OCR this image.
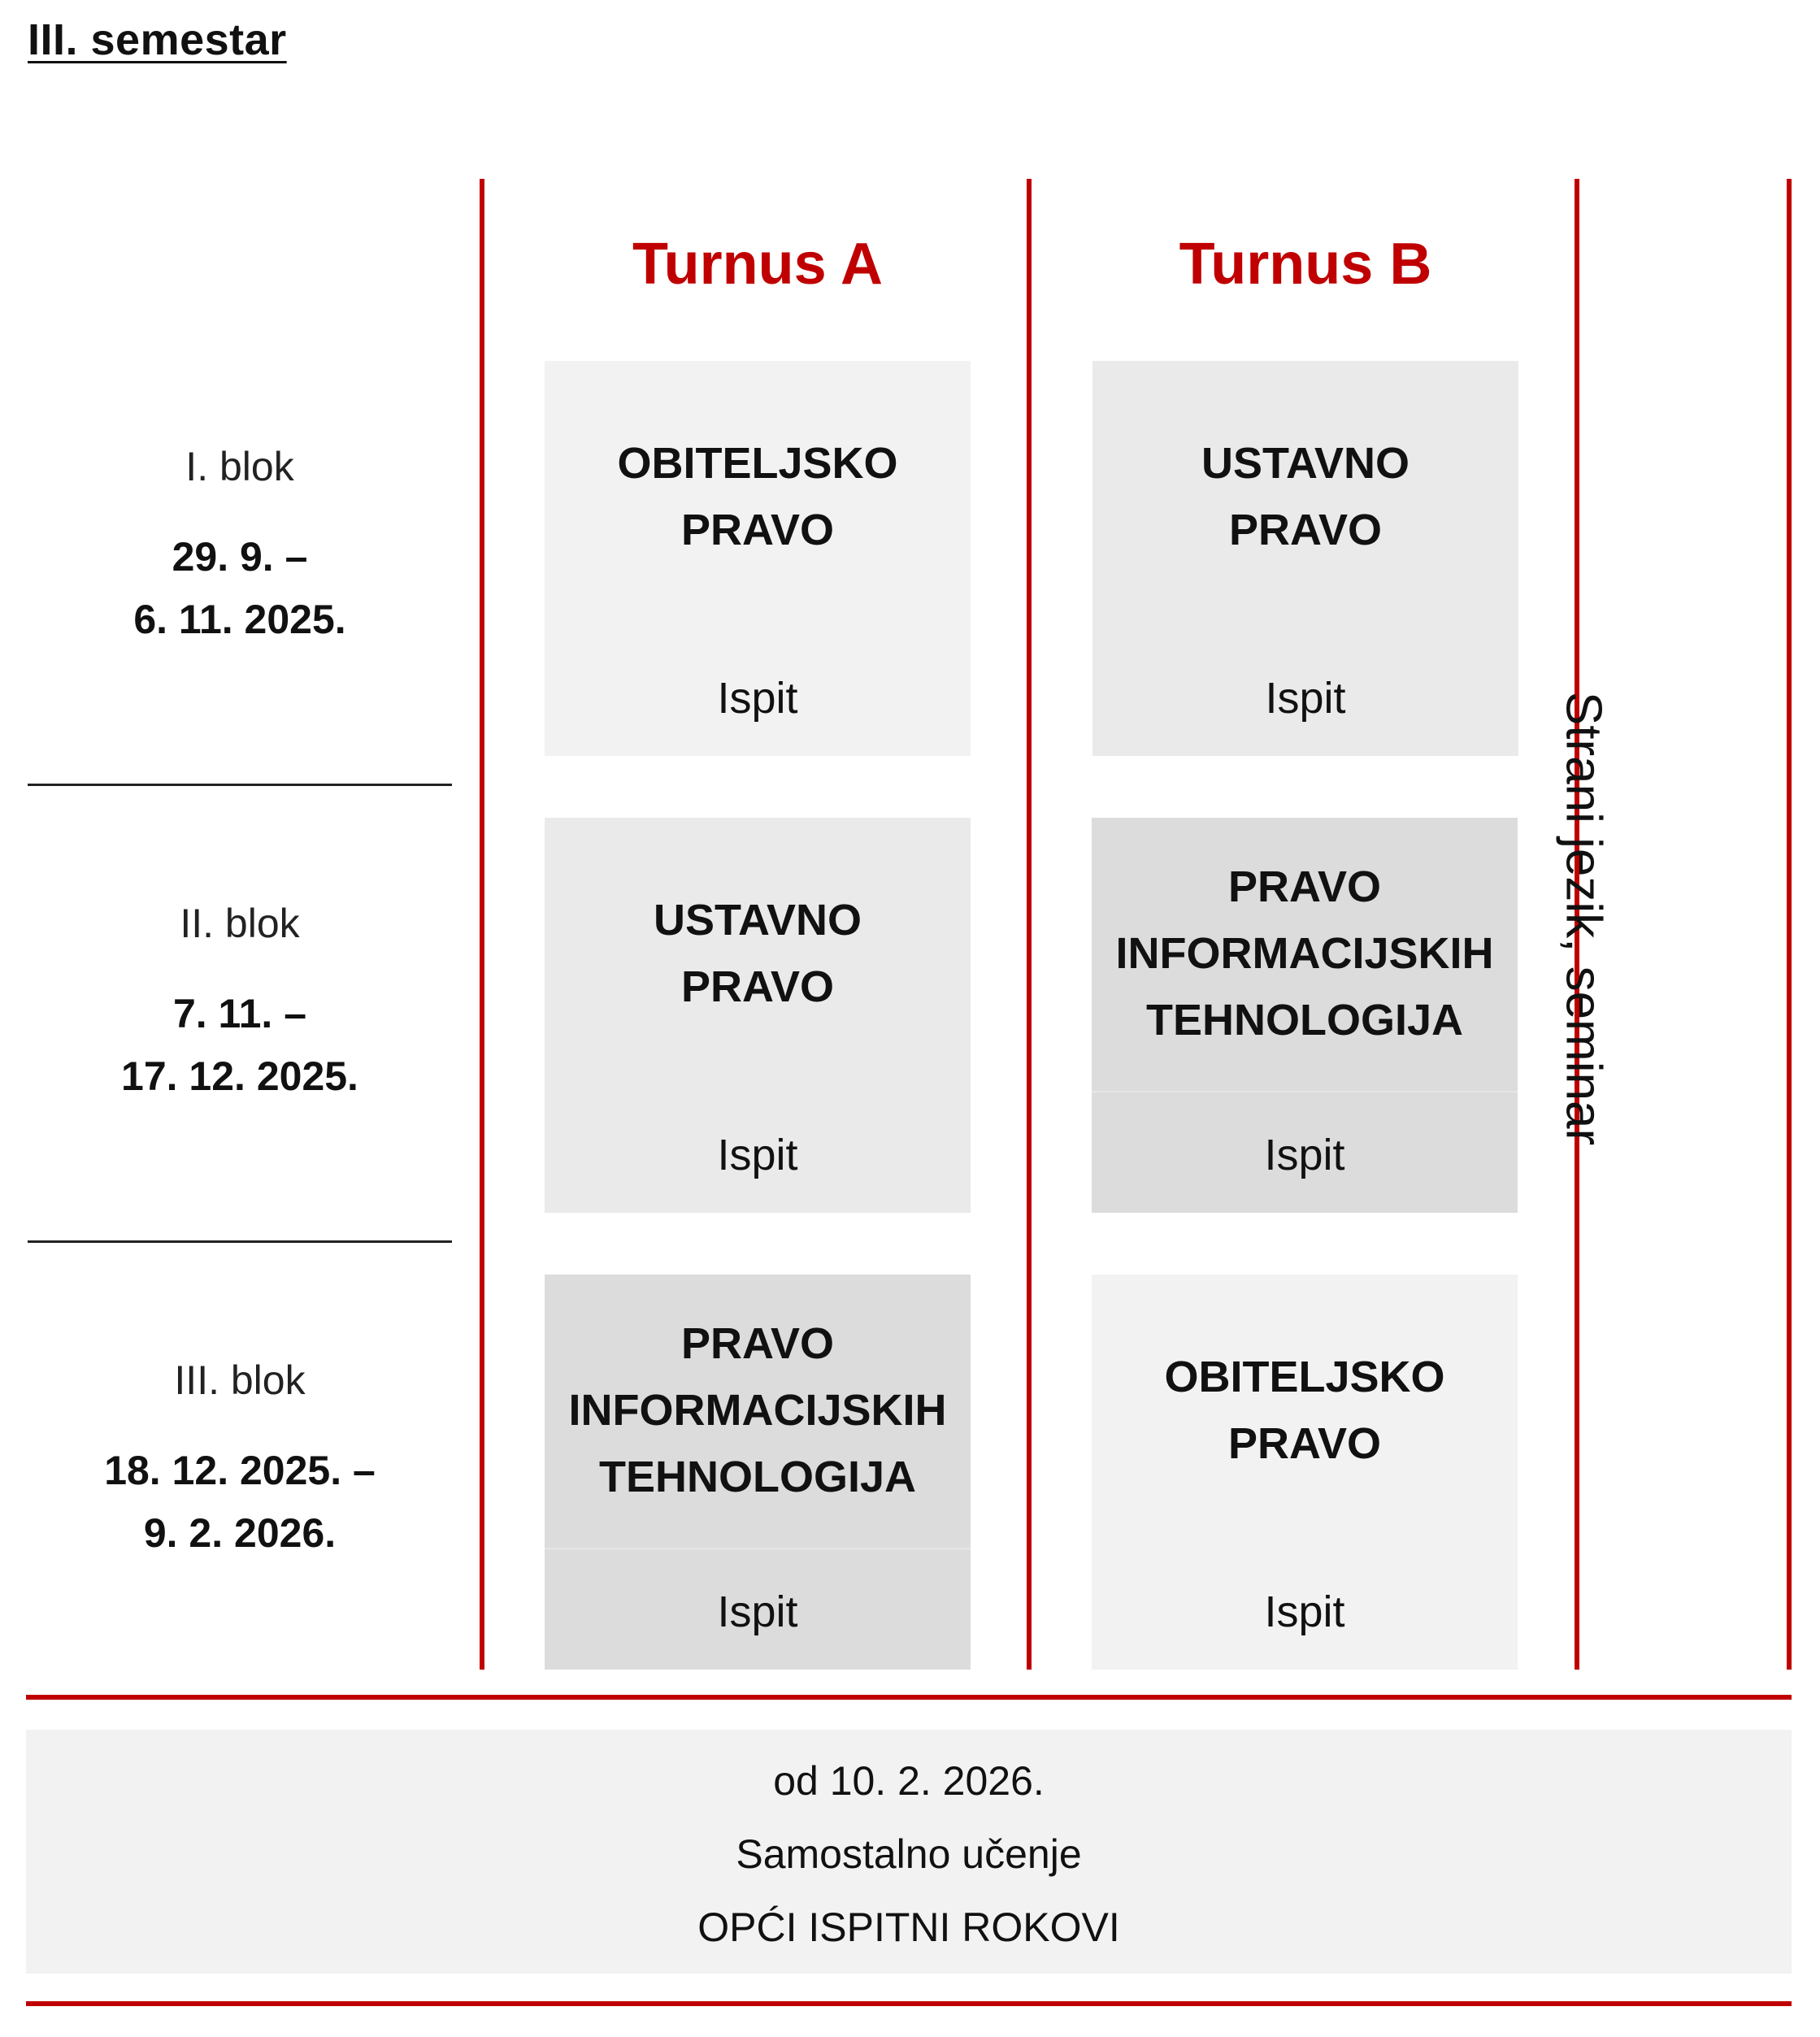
III. semestar
Turnus A	Turnus B
I. blok
29. 9. –
6. 11. 2025.
II. blok
7. 11. –
17. 12. 2025.
III. blok
18. 12. 2025. –
9. 2. 2026.
OBITELJSKO
PRAVO
Ispit
USTAVNO
PRAVO
Ispit
USTAVNO
PRAVO
Ispit
PRAVO
INFORMACIJSKIH
TEHNOLOGIJA
Ispit
PRAVO
INFORMACIJSKIH
TEHNOLOGIJA
Ispit
OBITELJSKO
PRAVO
Ispit
Strani jezik, seminar
od 10. 2. 2026.
Samostalno učenje
OPĆI ISPITNI ROKOVI
